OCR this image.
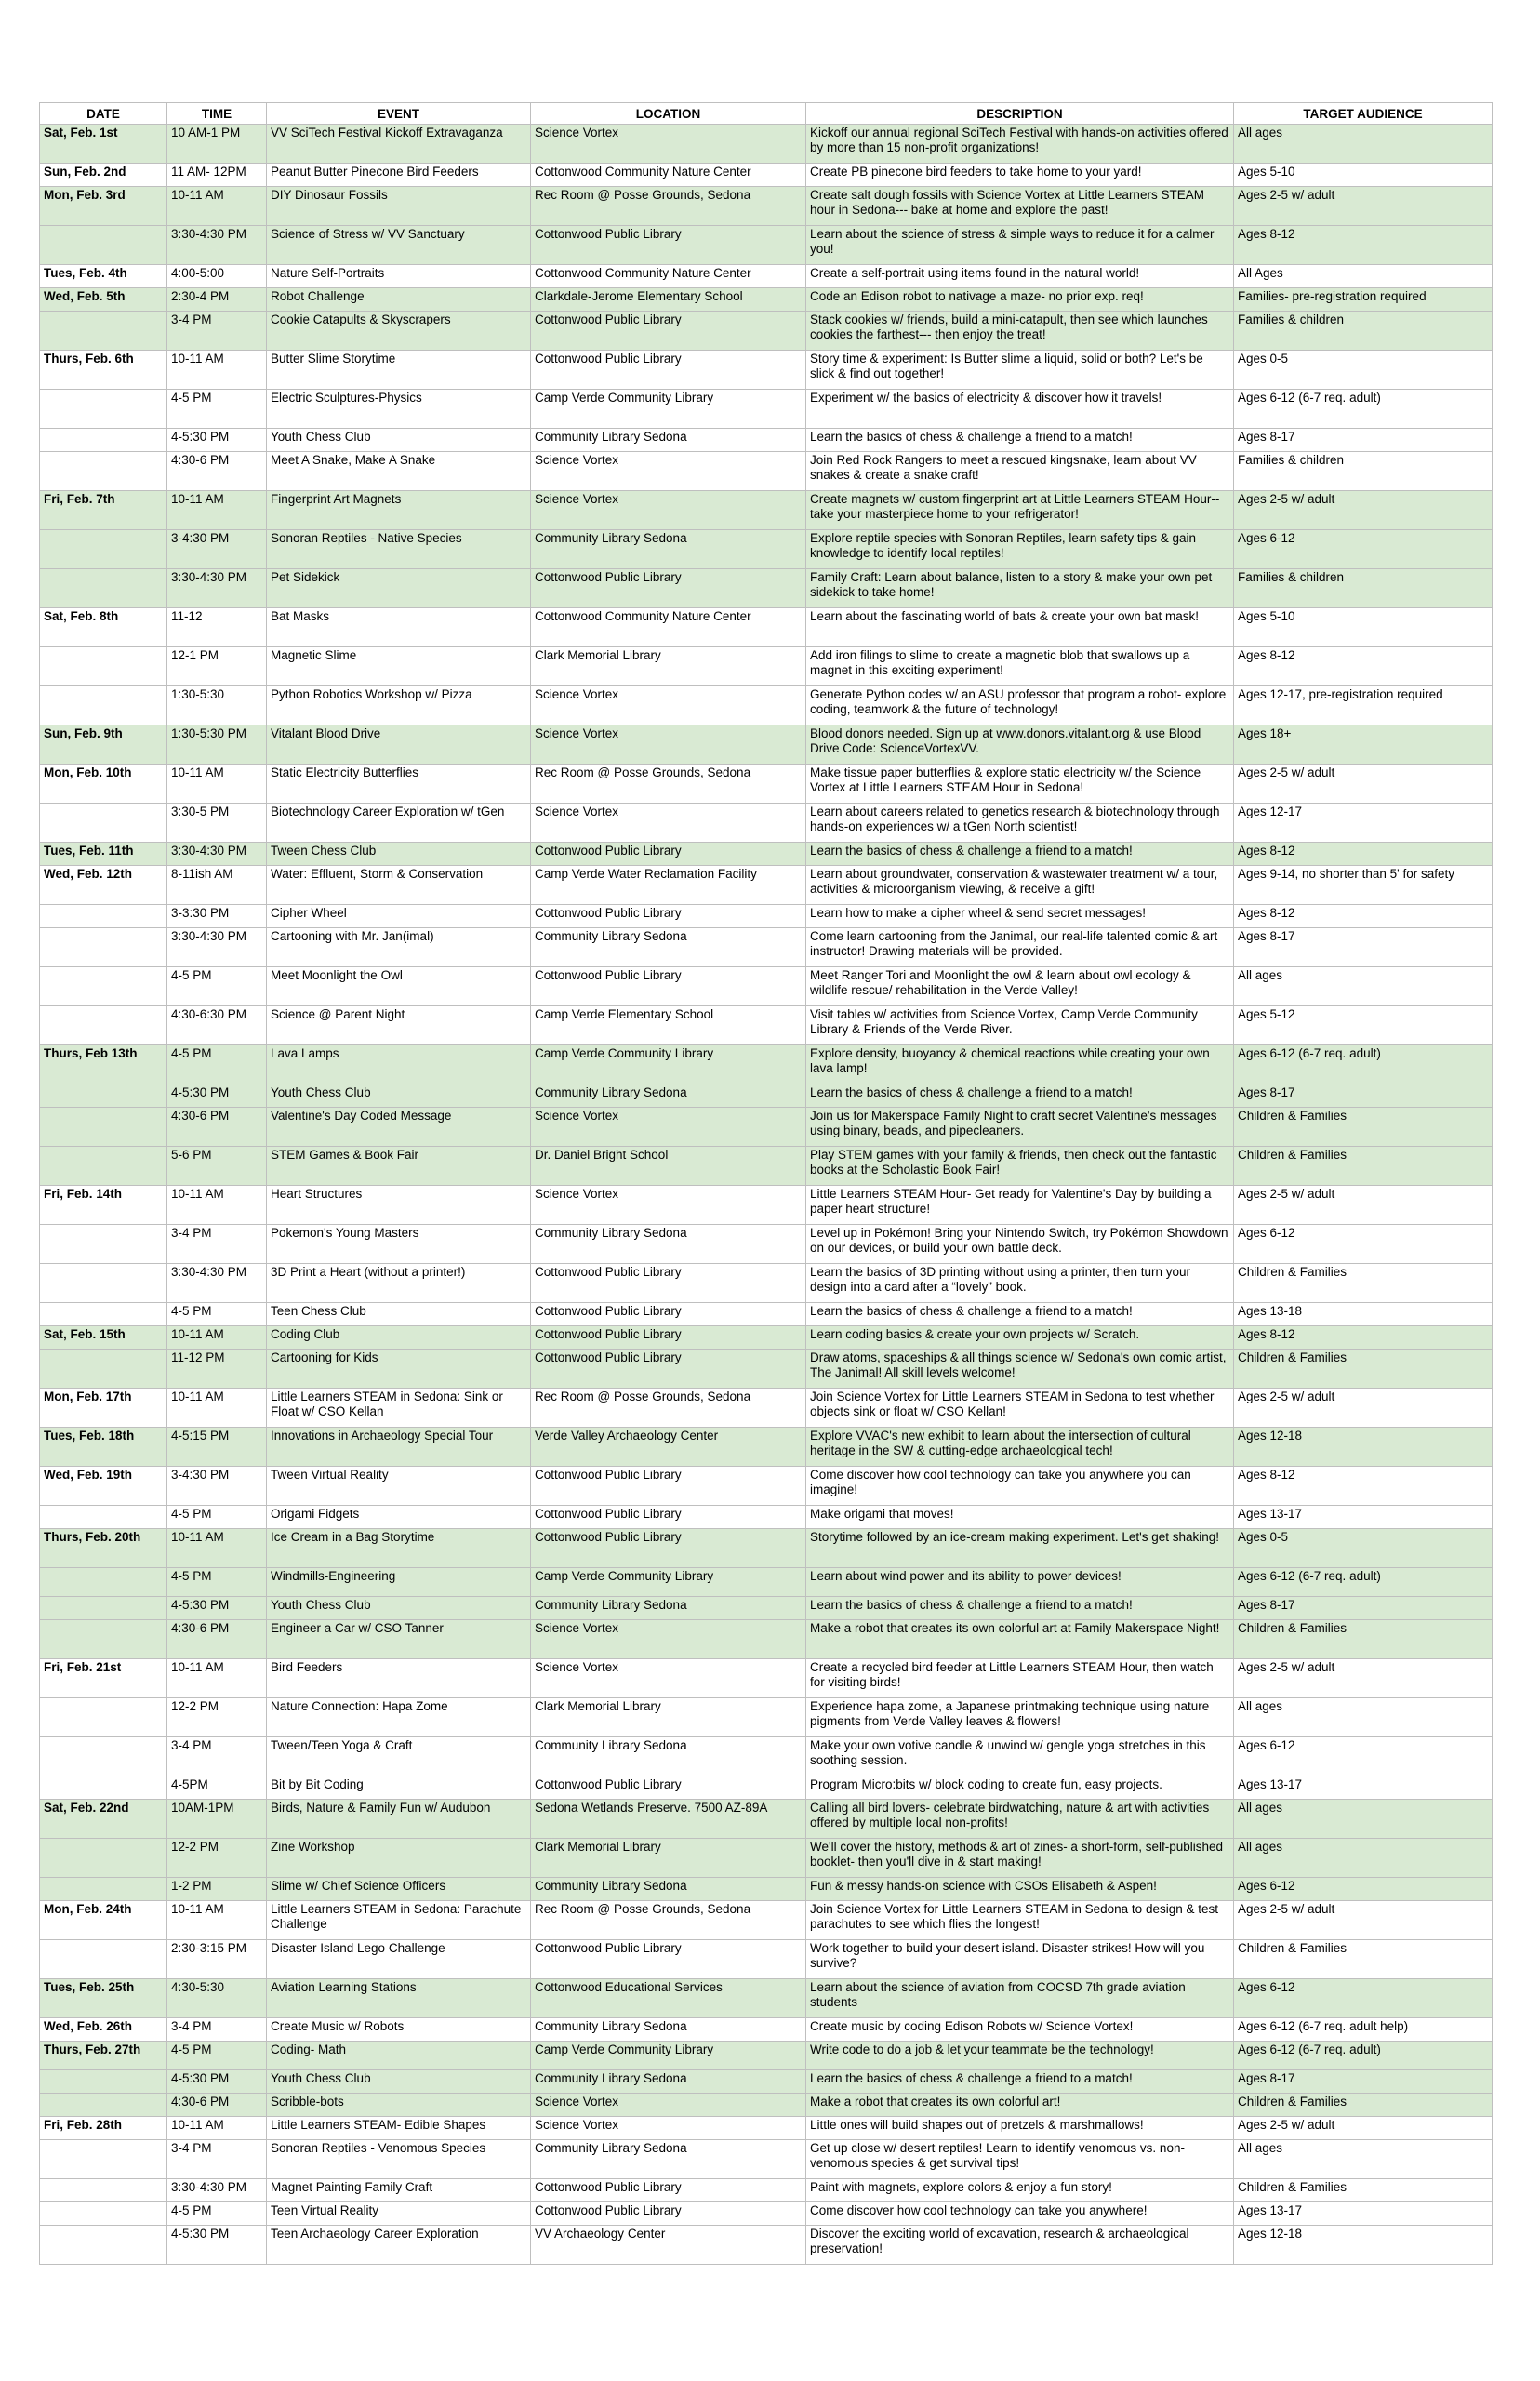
DATE	TIME	EVENT	LOCATION	DESCRIPTION	TARGET AUDIENCE
Sat, Feb. 1st	10 AM-1 PM	VV SciTech Festival Kickoff Extravaganza	Science Vortex	Kickoff our annual regional SciTech Festival with hands-on activities offered by more than 15 non-profit organizations!	All ages
Sun, Feb. 2nd	11 AM- 12PM	Peanut Butter Pinecone Bird Feeders	Cottonwood Community Nature Center	Create PB pinecone bird feeders to take home to your yard!	Ages 5-10
Mon, Feb. 3rd	10-11 AM	DIY Dinosaur Fossils	Rec Room @ Posse Grounds, Sedona	Create salt dough fossils with Science Vortex at Little Learners STEAM hour in Sedona--- bake at home and explore the past!	Ages 2-5 w/ adult
	3:30-4:30 PM	Science of Stress w/ VV Sanctuary	Cottonwood Public Library	Learn about the science of stress & simple ways to reduce it for a calmer you!	Ages 8-12
Tues, Feb. 4th	4:00-5:00	Nature Self-Portraits	Cottonwood Community Nature Center	Create a self-portrait using items found in the natural world!	All Ages
Wed, Feb. 5th	2:30-4 PM	Robot Challenge	Clarkdale-Jerome Elementary School	Code an Edison robot to nativage a maze- no prior exp. req!	Families- pre-registration required
	3-4 PM	Cookie Catapults & Skyscrapers	Cottonwood Public Library	Stack cookies w/ friends, build a mini-catapult, then see which launches cookies the farthest--- then enjoy the treat!	Families & children
Thurs, Feb. 6th	10-11 AM	Butter Slime Storytime	Cottonwood Public Library	Story time & experiment: Is Butter slime a liquid, solid or both? Let's be slick & find out together!	Ages 0-5
	4-5 PM	Electric Sculptures-Physics	Camp Verde Community Library	Experiment w/ the basics of electricity & discover how it travels!	Ages 6-12 (6-7 req. adult)
	4-5:30 PM	Youth Chess Club	Community Library Sedona	Learn the basics of chess & challenge a friend to a match!	Ages 8-17
	4:30-6 PM	Meet A Snake, Make A Snake	Science Vortex	Join Red Rock Rangers to meet a rescued kingsnake, learn about VV snakes & create a snake craft!	Families & children
Fri, Feb. 7th	10-11 AM	Fingerprint Art Magnets	Science Vortex	Create magnets w/ custom fingerprint art at Little Learners STEAM Hour-- take your masterpiece home to your refrigerator!	Ages 2-5 w/ adult
	3-4:30 PM	Sonoran Reptiles - Native Species	Community Library Sedona	Explore reptile species with Sonoran Reptiles, learn safety tips & gain knowledge to identify local reptiles!	Ages 6-12
	3:30-4:30 PM	Pet Sidekick	Cottonwood Public Library	Family Craft: Learn about balance, listen to a story & make your own pet sidekick to take home!	Families & children
Sat, Feb. 8th	11-12	Bat Masks	Cottonwood Community Nature Center	Learn about the fascinating world of bats & create your own bat mask!	Ages 5-10
	12-1 PM	Magnetic Slime	Clark Memorial Library	Add iron filings to slime to create a magnetic blob that swallows up a magnet in this exciting experiment!	Ages 8-12
	1:30-5:30	Python Robotics Workshop w/ Pizza	Science Vortex	Generate Python codes w/ an ASU professor that program a robot- explore coding, teamwork & the future of technology!	Ages 12-17, pre-registration required
Sun, Feb. 9th	1:30-5:30 PM	Vitalant Blood Drive	Science Vortex	Blood donors needed. Sign up at www.donors.vitalant.org & use Blood Drive Code: ScienceVortexVV.	Ages 18+
Mon, Feb. 10th	10-11 AM	Static Electricity Butterflies	Rec Room @ Posse Grounds, Sedona	Make tissue paper butterflies & explore static electricity w/ the Science Vortex at Little Learners STEAM Hour in Sedona!	Ages 2-5 w/ adult
	3:30-5 PM	Biotechnology Career Exploration w/ tGen	Science Vortex	Learn about careers related to genetics research & biotechnology through hands-on experiences w/ a tGen North scientist!	Ages 12-17
Tues, Feb. 11th	3:30-4:30 PM	Tween Chess Club	Cottonwood Public Library	Learn the basics of chess & challenge a friend to a match!	Ages 8-12
Wed, Feb. 12th	8-11ish AM	Water: Effluent, Storm & Conservation	Camp Verde Water Reclamation Facility	Learn about groundwater, conservation & wastewater treatment w/ a tour, activities & microorganism viewing, & receive a gift!	Ages 9-14, no shorter than 5' for safety
	3-3:30 PM	Cipher Wheel	Cottonwood Public Library	Learn how to make a cipher wheel & send secret messages!	Ages 8-12
	3:30-4:30 PM	Cartooning with Mr. Jan(imal)	Community Library Sedona	Come learn cartooning from the Janimal, our real-life talented comic & art instructor! Drawing materials will be provided.	Ages 8-17
	4-5 PM	Meet Moonlight the Owl	Cottonwood Public Library	Meet Ranger Tori and Moonlight the owl & learn about owl ecology & wildlife rescue/ rehabilitation in the Verde Valley!	All ages
	4:30-6:30 PM	Science @ Parent Night	Camp Verde Elementary School	Visit tables w/ activities from Science Vortex, Camp Verde Community Library & Friends of the Verde River.	Ages 5-12
Thurs, Feb 13th	4-5 PM	Lava Lamps	Camp Verde Community Library	Explore density, buoyancy & chemical reactions while creating your own lava lamp!	Ages 6-12 (6-7 req. adult)
	4-5:30 PM	Youth Chess Club	Community Library Sedona	Learn the basics of chess & challenge a friend to a match!	Ages 8-17
	4:30-6 PM	Valentine's Day Coded Message	Science Vortex	Join us for Makerspace Family Night to craft secret Valentine's messages using binary, beads, and pipecleaners.	Children & Families
	5-6 PM	STEM Games & Book Fair	Dr. Daniel Bright School	Play STEM games with your family & friends, then check out the fantastic books at the Scholastic Book Fair!	Children & Families
Fri, Feb. 14th	10-11 AM	Heart Structures	Science Vortex	Little Learners STEAM Hour- Get ready for Valentine's Day by building a paper heart structure!	Ages 2-5 w/ adult
	3-4 PM	Pokemon's Young Masters	Community Library Sedona	Level up in Pokémon! Bring your Nintendo Switch, try Pokémon Showdown on our devices, or build your own battle deck.	Ages 6-12
	3:30-4:30 PM	3D Print a Heart (without a printer!)	Cottonwood Public Library	Learn the basics of 3D printing without using a printer, then turn your design into a card after a “lovely” book.	Children & Families
	4-5 PM	Teen Chess Club	Cottonwood Public Library	Learn the basics of chess & challenge a friend to a match!	Ages 13-18
Sat, Feb. 15th	10-11 AM	Coding Club	Cottonwood Public Library	Learn coding basics & create your own projects w/ Scratch.	Ages 8-12
	11-12 PM	Cartooning for Kids	Cottonwood Public Library	Draw atoms, spaceships & all things science w/ Sedona's own comic artist, The Janimal! All skill levels welcome!	Children & Families
Mon, Feb. 17th	10-11 AM	Little Learners STEAM in Sedona: Sink or Float w/ CSO Kellan	Rec Room @ Posse Grounds, Sedona	Join Science Vortex for Little Learners STEAM in Sedona to test whether objects sink or float w/ CSO Kellan!	Ages 2-5 w/ adult
Tues, Feb. 18th	4-5:15 PM	Innovations in Archaeology Special Tour	Verde Valley Archaeology Center	Explore VVAC's new exhibit to learn about the intersection of cultural heritage in the SW & cutting-edge archaeological tech!	Ages 12-18
Wed, Feb. 19th	3-4:30 PM	Tween Virtual Reality	Cottonwood Public Library	Come discover how cool technology can take you anywhere you can imagine!	Ages 8-12
	4-5 PM	Origami Fidgets	Cottonwood Public Library	Make origami that moves!	Ages 13-17
Thurs, Feb. 20th	10-11 AM	Ice Cream in a Bag Storytime	Cottonwood Public Library	Storytime followed by an ice-cream making experiment. Let's get shaking!	Ages 0-5
	4-5 PM	Windmills-Engineering	Camp Verde Community Library	Learn about wind power and its ability to power devices!	Ages 6-12 (6-7 req. adult)
	4-5:30 PM	Youth Chess Club	Community Library Sedona	Learn the basics of chess & challenge a friend to a match!	Ages 8-17
	4:30-6 PM	Engineer a Car w/ CSO Tanner	Science Vortex	Make a robot that creates its own colorful art at Family Makerspace Night!	Children & Families
Fri, Feb. 21st	10-11 AM	Bird Feeders	Science Vortex	Create a recycled bird feeder at Little Learners STEAM Hour, then watch for visiting birds!	Ages 2-5 w/ adult
	12-2 PM	Nature Connection: Hapa Zome	Clark Memorial Library	Experience hapa zome, a Japanese printmaking technique using nature pigments from Verde Valley leaves & flowers!	All ages
	3-4 PM	Tween/Teen Yoga & Craft	Community Library Sedona	Make your own votive candle & unwind w/ gengle yoga stretches in this soothing session.	Ages 6-12
	4-5PM	Bit by Bit Coding	Cottonwood Public Library	Program Micro:bits w/ block coding to create fun, easy projects.	Ages 13-17
Sat, Feb. 22nd	10AM-1PM	Birds, Nature & Family Fun w/ Audubon	Sedona Wetlands Preserve. 7500 AZ-89A	Calling all bird lovers- celebrate birdwatching, nature & art with activities offered by multiple local non-profits!	All ages
	12-2 PM	Zine Workshop	Clark Memorial Library	We'll cover the history, methods & art of zines- a short-form, self-published booklet- then you'll dive in & start making!	All ages
	1-2 PM	Slime w/ Chief Science Officers	Community Library Sedona	Fun & messy hands-on science with CSOs Elisabeth & Aspen!	Ages 6-12
Mon, Feb. 24th	10-11 AM	Little Learners STEAM in Sedona: Parachute Challenge	Rec Room @ Posse Grounds, Sedona	Join Science Vortex for Little Learners STEAM in Sedona to design & test parachutes to see which flies the longest!	Ages 2-5 w/ adult
	2:30-3:15 PM	Disaster Island Lego Challenge	Cottonwood Public Library	Work together to build your desert island. Disaster strikes! How will you survive?	Children & Families
Tues, Feb. 25th	4:30-5:30	Aviation Learning Stations	Cottonwood Educational Services	Learn about the science of aviation from COCSD 7th grade aviation students	Ages 6-12
Wed, Feb. 26th	3-4 PM	Create Music w/ Robots	Community Library Sedona	Create music by coding Edison Robots w/ Science Vortex!	Ages 6-12 (6-7 req. adult help)
Thurs, Feb. 27th	4-5 PM	Coding- Math	Camp Verde Community Library	Write code to do a job & let your teammate be the technology!	Ages 6-12 (6-7 req. adult)
	4-5:30 PM	Youth Chess Club	Community Library Sedona	Learn the basics of chess & challenge a friend to a match!	Ages 8-17
	4:30-6 PM	Scribble-bots	Science Vortex	Make a robot that creates its own colorful art!	Children & Families
Fri, Feb. 28th	10-11 AM	Little Learners STEAM- Edible Shapes	Science Vortex	Little ones will build shapes out of pretzels & marshmallows!	Ages 2-5 w/ adult
	3-4 PM	Sonoran Reptiles - Venomous Species	Community Library Sedona	Get up close w/ desert reptiles! Learn to identify venomous vs. non-venomous species & get survival tips!	All ages
	3:30-4:30 PM	Magnet Painting Family Craft	Cottonwood Public Library	Paint with magnets, explore colors & enjoy a fun story!	Children & Families
	4-5 PM	Teen Virtual Reality	Cottonwood Public Library	Come discover how cool technology can take you anywhere!	Ages 13-17
	4-5:30 PM	Teen Archaeology Career Exploration	VV Archaeology Center	Discover the exciting world of excavation, research & archaeological preservation!	Ages 12-18
